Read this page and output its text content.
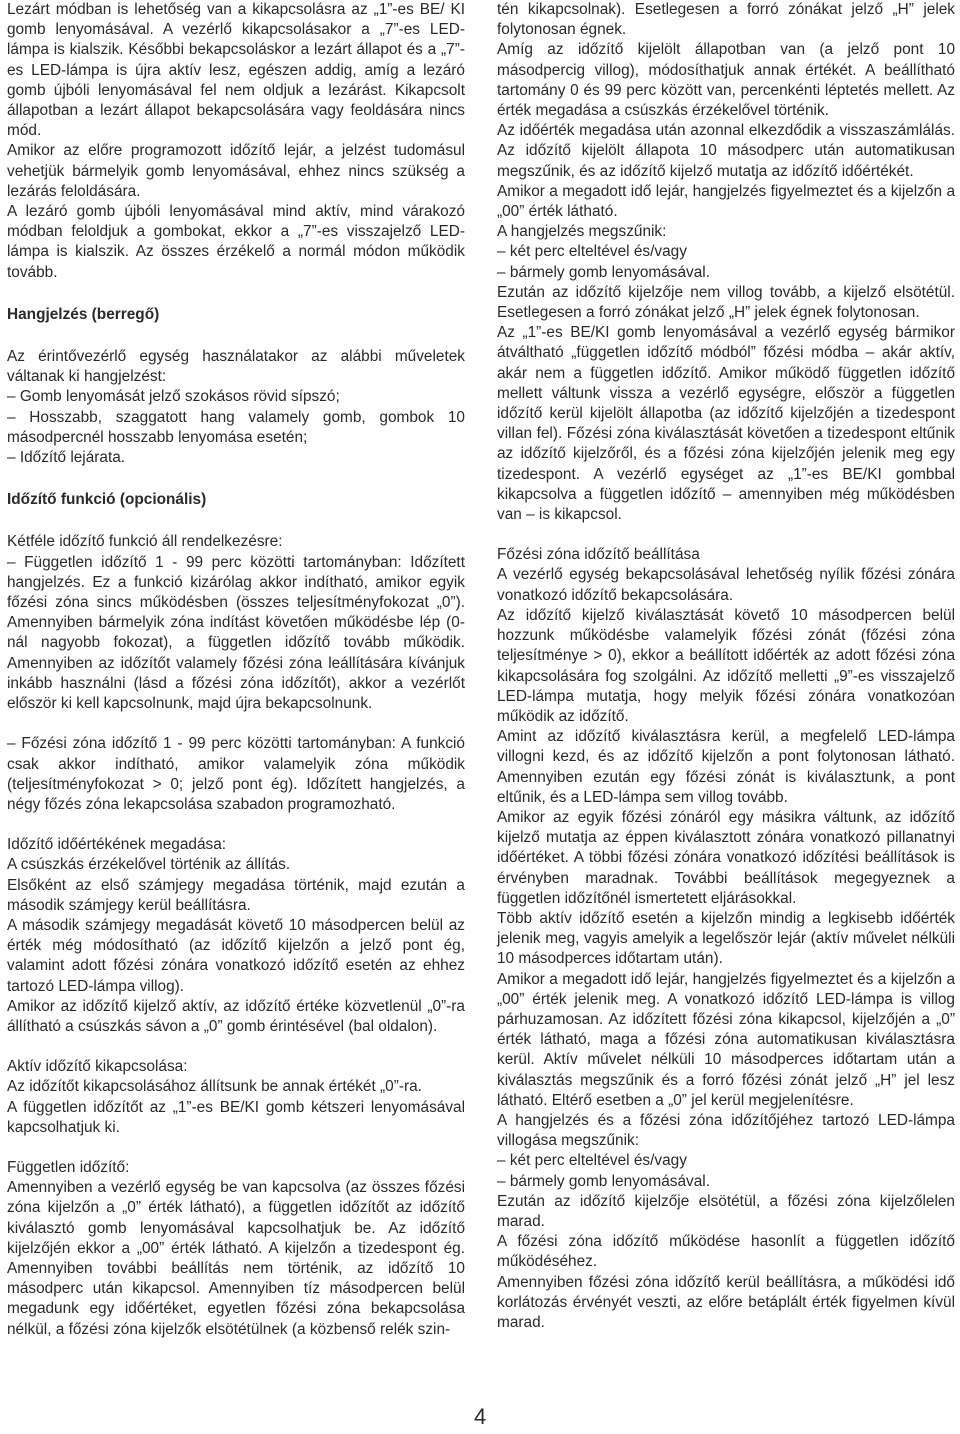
Lezárt módban is lehetőség van a kikapcsolásra az „1”-es BE/ KI gomb lenyomásával. A vezérlő kikapcsolásakor a „7”-es LED-lámpa is kialszik. Későbbi bekapcsoláskor a lezárt állapot és a „7”-es LED-lámpa is újra aktív lesz, egészen addig, amíg a lezáró gomb újbóli lenyomásával fel nem oldjuk a lezárást. Kikapcsolt állapotban a lezárt állapot bekapcsolására vagy feoldására nincs mód.

Amikor az előre programozott időzítő lejár, a jelzést tudomásul vehetjük bármelyik gomb lenyomásával, ehhez nincs szükség a lezárás feloldására.

A lezáró gomb újbóli lenyomásával mind aktív, mind várakozó módban feloldjuk a gombokat, ekkor a „7”-es visszajelző LED-lámpa is kialszik. Az összes érzékelő a normál módon működik tovább.

Hangjelzés (berregő)

Az érintővezérlő egység használatakor az alábbi műveletek váltanak ki hangjelzést:

– Gomb lenyomását jelző szokásos rövid sípszó;

– Hosszabb, szaggatott hang valamely gomb, gombok 10 másodpercnél hosszabb lenyomása esetén;

– Időzítő lejárata.

Időzítő funkció (opcionális)

Kétféle időzítő funkció áll rendelkezésre:

– Független időzítő 1 - 99 perc közötti tartományban: Időzített hangjelzés. Ez a funkció kizárólag akkor indítható, amikor egyik főzési zóna sincs működésben (összes teljesítményfokozat „0”). Amennyiben bármelyik zóna indítást követően működésbe lép (0-nál nagyobb fokozat), a független időzítő tovább működik. Amennyiben az időzítőt valamely főzési zóna leállítására kívánjuk inkább használni (lásd a főzési zóna időzítőt), akkor a vezérlőt először ki kell kapcsolnunk, majd újra bekapcsolnunk.

– Főzési zóna időzítő 1 - 99 perc közötti tartományban: A funkció csak akkor indítható, amikor valamelyik zóna működik (teljesítményfokozat > 0; jelző pont ég). Időzített hangjelzés, a négy főzés zóna lekapcsolása szabadon programozható.

Időzítő időértékének megadása:

A csúszkás érzékelővel történik az állítás.

Elsőként az első számjegy megadása történik, majd ezután a második számjegy kerül beállításra.

A második számjegy megadását követő 10 másodpercen belül az érték még módosítható (az időzítő kijelzőn a jelző pont ég, valamint adott főzési zónára vonatkozó időzítő esetén az ehhez tartozó LED-lámpa villog).

Amikor az időzítő kijelző aktív, az időzítő értéke közvetlenül „0”-ra állítható a csúszkás sávon a „0” gomb érintésével (bal oldalon).

Aktív időzítő kikapcsolása:

Az időzítőt kikapcsolásához állítsunk be annak értékét „0”-ra.

A független időzítőt az „1”-es BE/KI gomb kétszeri lenyomásával kapcsolhatjuk ki.

Független időzítő:

Amennyiben a vezérlő egység be van kapcsolva (az összes főzési zóna kijelzőn a „0” érték látható), a független időzítőt az időzítő kiválasztó gomb lenyomásával kapcsolhatjuk be. Az időzítő kijelzőjén ekkor a „00” érték látható. A kijelzőn a tizedespont ég. Amennyiben további beállítás nem történik, az időzítő 10 másodperc után kikapcsol. Amennyiben tíz másodpercen belül megadunk egy időértéket, egyetlen főzési zóna bekapcsolása nélkül, a főzési zóna kijelzők elsötétülnek (a közbenső relék szin-

tén kikapcsolnak). Esetlegesen a forró zónákat jelző „H” jelek folytonosan égnek.

Amíg az időzítő kijelölt állapotban van (a jelző pont 10 másodpercig villog), módosíthatjuk annak értékét. A beállítható tartomány 0 és 99 perc között van, percenkénti léptetés mellett. Az érték megadása a csúszkás érzékelővel történik.

Az időérték megadása után azonnal elkezdődik a visszaszámlálás. Az időzítő kijelölt állapota 10 másodperc után automatikusan megszűnik, és az időzítő kijelző mutatja az időzítő időértékét.

Amikor a megadott idő lejár, hangjelzés figyelmeztet és a kijelzőn a „00” érték látható.

A hangjelzés megszűnik:

– két perc elteltével és/vagy

– bármely gomb lenyomásával.

Ezután az időzítő kijelzője nem villog tovább, a kijelző elsötétül. Esetlegesen a forró zónákat jelző „H” jelek égnek folytonosan.

Az „1”-es BE/KI gomb lenyomásával a vezérlő egység bármikor átváltható „független időzítő módból” főzési módba – akár aktív, akár nem a független időzítő. Amikor működő független időzítő mellett váltunk vissza a vezérlő egységre, először a független időzítő kerül kijelölt állapotba (az időzítő kijelzőjén a tizedespont villan fel). Főzési zóna kiválasztását követően a tizedespont eltűnik az időzítő kijelzőről, és a főzési zóna kijelzőjén jelenik meg egy tizedespont. A vezérlő egységet az „1”-es BE/KI gombbal kikapcsolva a független időzítő – amennyiben még működésben van – is kikapcsol.

Főzési zóna időzítő beállítása

A vezérlő egység bekapcsolásával lehetőség nyílik főzési zónára vonatkozó időzítő bekapcsolására.

Az időzítő kijelző kiválasztását követő 10 másodpercen belül hozzunk működésbe valamelyik főzési zónát (főzési zóna teljesítménye > 0), ekkor a beállított időérték az adott főzési zóna kikapcsolására fog szolgálni. Az időzítő melletti „9”-es visszajelző LED-lámpa mutatja, hogy melyik főzési zónára vonatkozóan működik az időzítő.

Amint az időzítő kiválasztásra kerül, a megfelelő LED-lámpa villogni kezd, és az időzítő kijelzőn a pont folytonosan látható. Amennyiben ezután egy főzési zónát is kiválasztunk, a pont eltűnik, és a LED-lámpa sem villog tovább.

Amikor az egyik főzési zónáról egy másikra váltunk, az időzítő kijelző mutatja az éppen kiválasztott zónára vonatkozó pillanatnyi időértéket. A többi főzési zónára vonatkozó időzítési beállítások is érvényben maradnak. További beállítások megegyeznek a független időzítőnél ismertetett eljárásokkal.

Több aktív időzítő esetén a kijelzőn mindig a legkisebb időérték jelenik meg, vagyis amelyik a legelőször lejár (aktív művelet nélküli 10 másodperces időtartam után).

Amikor a megadott idő lejár, hangjelzés figyelmeztet és a kijelzőn a „00” érték jelenik meg. A vonatkozó időzítő LED-lámpa is villog párhuzamosan. Az időzített főzési zóna kikapcsol, kijelzőjén a „0” érték látható, maga a főzési zóna automatikusan kiválasztásra kerül. Aktív művelet nélküli 10 másodperces időtartam után a kiválasztás megszűnik és a forró főzési zónát jelző „H” jel lesz látható. Eltérő esetben a „0” jel kerül megjelenítésre.

A hangjelzés és a főzési zóna időzítőjéhez tartozó LED-lámpa villogása megszűnik:

– két perc elteltével és/vagy

– bármely gomb lenyomásával.

Ezután az időzítő kijelzője elsötétül, a főzési zóna kijelzőlelen marad.

A főzési zóna időzítő működése hasonlít a független időzítő működéséhez.

Amennyiben főzési zóna időzítő kerül beállításra, a működési idő korlátozás érvényét veszti, az előre betáplált érték figyelmen kívül marad.

4
